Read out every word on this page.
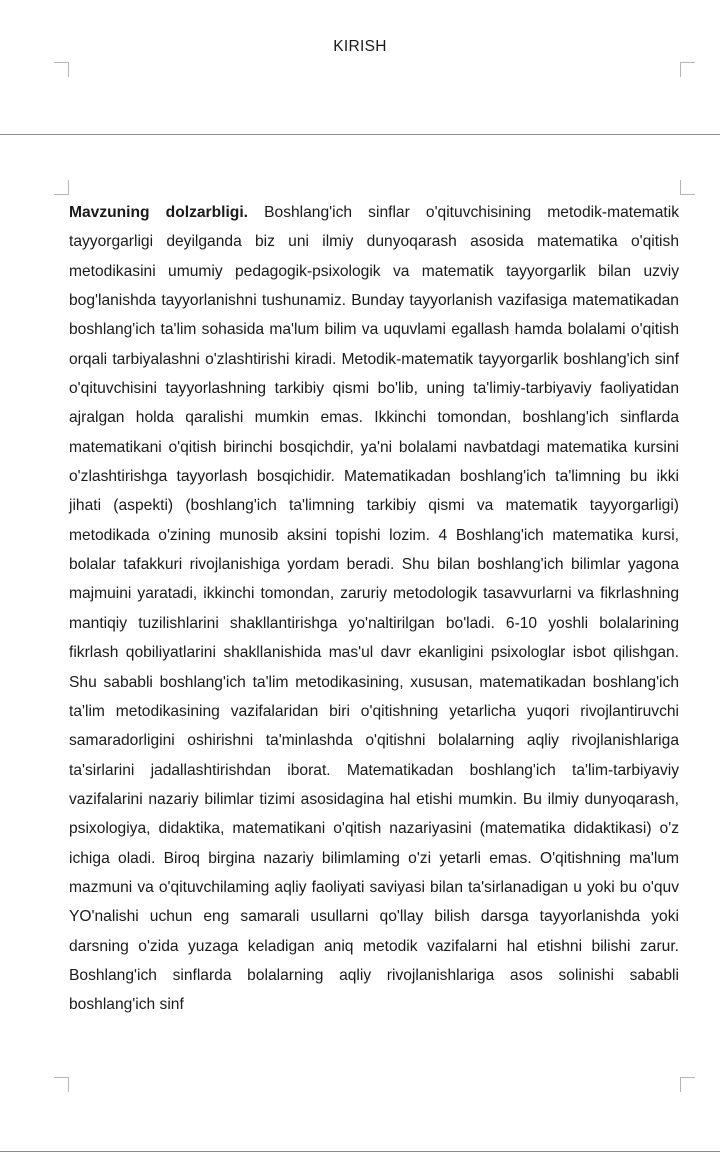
KIRISH

Mavzuning dolzarbligi. Boshlang'ich sinflar o'qituvchisining metodik-matematik tayyorgarligi deyilganda biz uni ilmiy dunyoqarash asosida matematika o'qitish metodikasini umumiy pedagogik-psixologik va matematik tayyorgarlik bilan uzviy bog'lanishda tayyorlanishni tushunamiz. Bunday tayyorlanish vazifasiga matematikadan boshlang'ich ta'lim sohasida ma'lum bilim va uquvlami egallash hamda bolalami o'qitish orqali tarbiyalashni o'zlashtirishi kiradi. Metodik-matematik tayyorgarlik boshlang'ich sinf o'qituvchisini tayyorlashning tarkibiy qismi bo'lib, uning ta'limiy-tarbiyaviy faoliyatidan ajralgan holda qaralishi mumkin emas. Ikkinchi tomondan, boshlang'ich sinflarda matematikani o'qitish birinchi bosqichdir, ya'ni bolalami navbatdagi matematika kursini o'zlashtirishga tayyorlash bosqichidir. Matematikadan boshlang'ich ta'limning bu ikki jihati (aspekti) (boshlang'ich ta'limning tarkibiy qismi va matematik tayyorgarligi) metodikada o'zining munosib aksini topishi lozim. 4 Boshlang'ich matematika kursi, bolalar tafakkuri rivojlanishiga yordam beradi. Shu bilan boshlang'ich bilimlar yagona majmuini yaratadi, ikkinchi tomondan, zaruriy metodologik tasavvurlarni va fikrlashning mantiqiy tuzilishlarini shakllantirishga yo'naltirilgan bo'ladi. 6-10 yoshli bolalarining fikrlash qobiliyatlarini shakllanishida mas'ul davr ekanligini psixologlar isbot qilishgan. Shu sababli boshlang'ich ta'lim metodikasining, xususan, matematikadan boshlang'ich ta'lim metodikasining vazifalaridan biri o'qitishning yetarlicha yuqori rivojlantiruvchi samaradorligini oshirishni ta'minlashda o'qitishni bolalarning aqliy rivojlanishlariga ta'sirlarini jadallashtirishdan iborat. Matematikadan boshlang'ich ta'lim-tarbiyaviy vazifalarini nazariy bilimlar tizimi asosidagina hal etishi mumkin. Bu ilmiy dunyoqarash, psixologiya, didaktika, matematikani o'qitish nazariyasini (matematika didaktikasi) o'z ichiga oladi. Biroq birgina nazariy bilimlaming o'zi yetarli emas. O'qitishning ma'lum mazmuni va o'qituvchilaming aqliy faoliyati saviyasi bilan ta'sirlanadigan u yoki bu o'quv YO'nalishi uchun eng samarali usullarni qo'llay bilish darsga tayyorlanishda yoki darsning o'zida yuzaga keladigan aniq metodik vazifalarni hal etishni bilishi zarur. Boshlang'ich sinflarda bolalarning aqliy rivojlanishlariga asos solinishi sababli boshlang'ich sinf
